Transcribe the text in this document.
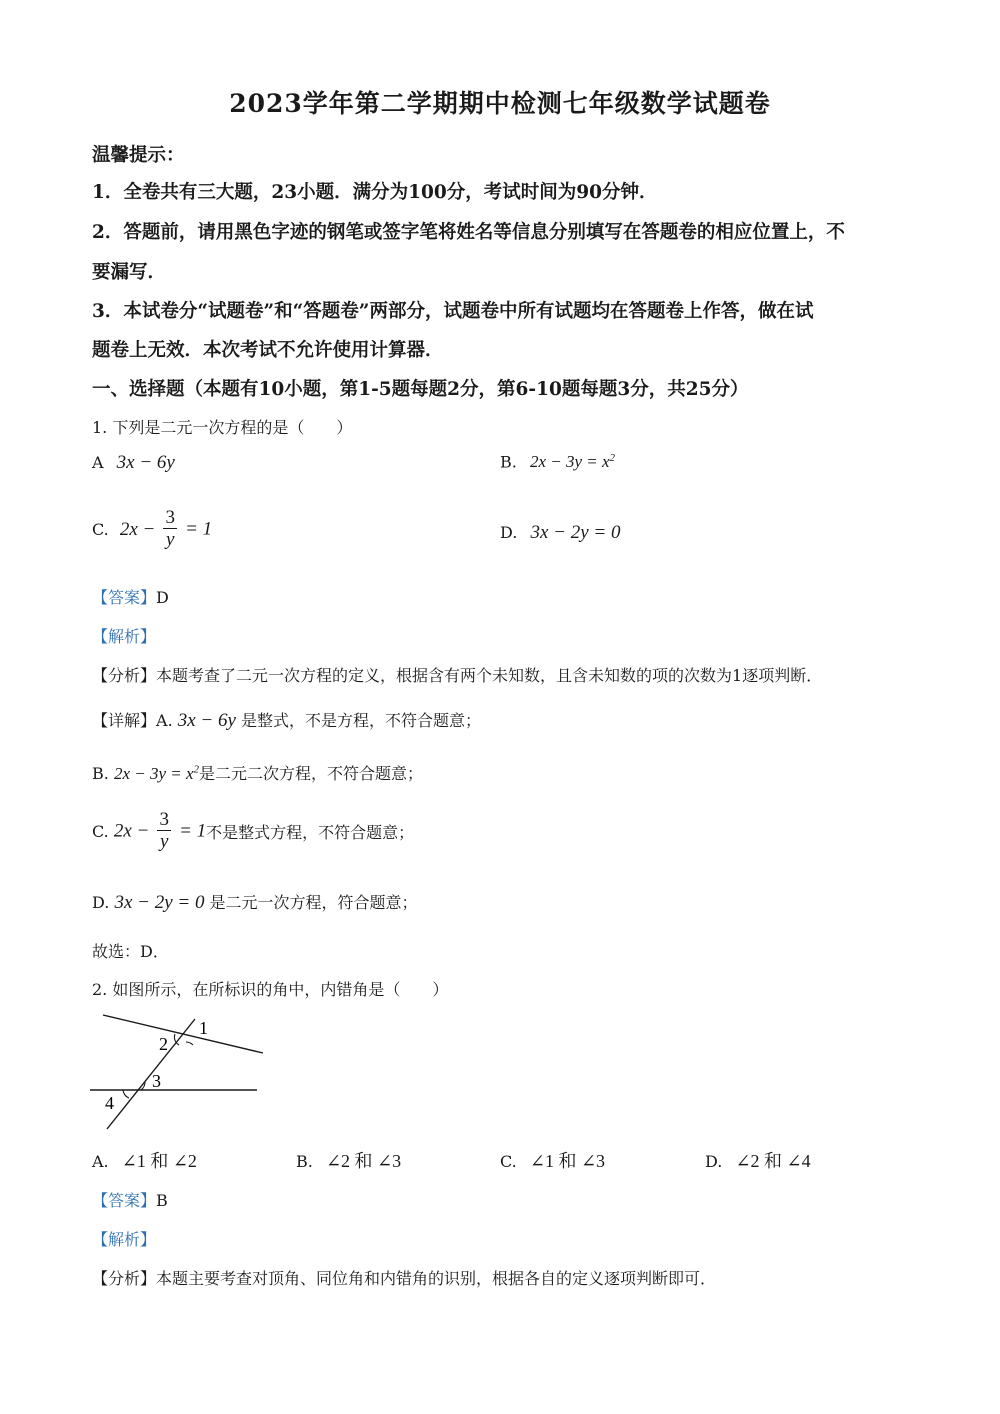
2023学年第二学期期中检测七年级数学试题卷
温馨提示：
1．全卷共有三大题，23小题．满分为100分，考试时间为90分钟．
2．答题前，请用黑色字迹的钢笔或签字笔将姓名等信息分别填写在答题卷的相应位置上，不
要漏写．
3．本试卷分“试题卷”和“答题卷”两部分，试题卷中所有试题均在答题卷上作答，做在试
题卷上无效．本次考试不允许使用计算器．
一、选择题（本题有10小题，第1-5题每题2分，第6-10题每题3分，共25分）
1. 下列是二元一次方程的是（　　）
A 3x − 6y	B. $2x - 3y = x^2$
C. $2x - \frac{3}{y} = 1$	D. 3x − 2y = 0
【答案】D
【解析】
【分析】本题考查了二元一次方程的定义，根据含有两个未知数，且含未知数的项的次数为1逐项判断．
【详解】A. 3x − 6y 是整式，不是方程，不符合题意；
B. $2x - 3y = x^2$是二元二次方程，不符合题意；
C. $2x - \frac{3}{y} = 1$不是整式方程，不符合题意；
D. 3x − 2y = 0 是二元一次方程，符合题意；
故选：D．
2. 如图所示，在所标识的角中，内错角是（　　）
1
2
3
4
A. ∠1 和 ∠2	B. ∠2 和 ∠3	C. ∠1 和 ∠3	D. ∠2 和 ∠4
【答案】B
【解析】
【分析】本题主要考查对顶角、同位角和内错角的识别，根据各自的定义逐项判断即可．
